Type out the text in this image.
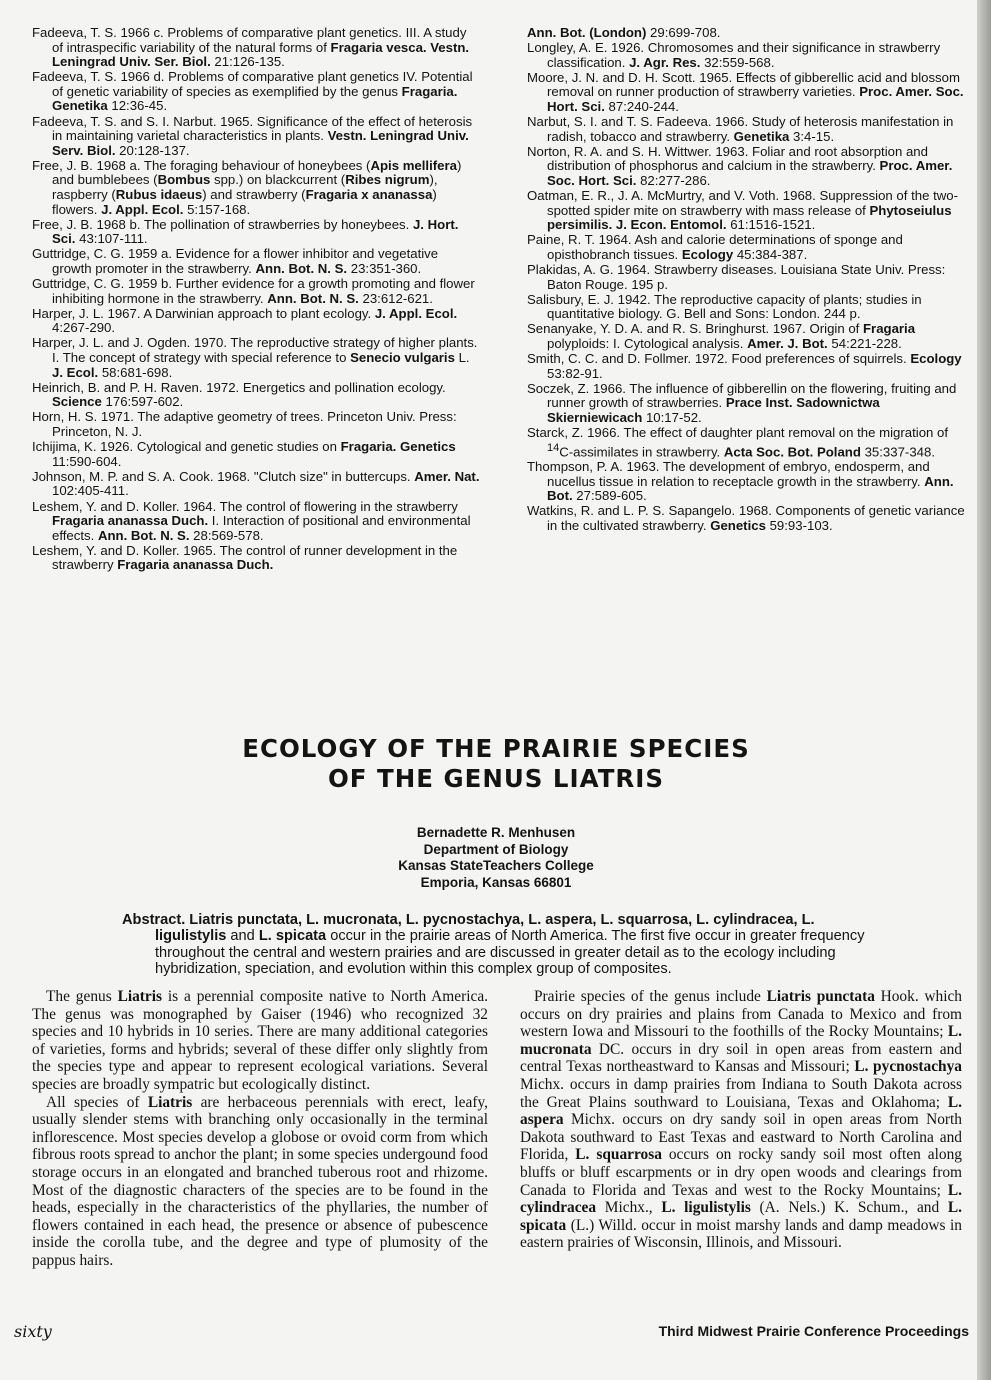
Fadeeva, T. S. 1966 c. Problems of comparative plant genetics. III. A study of intraspecific variability of the natural forms of Fragaria vesca. Vestn. Leningrad Univ. Ser. Biol. 21:126-135.
Fadeeva, T. S. 1966 d. Problems of comparative plant genetics IV. Potential of genetic variability of species as exemplified by the genus Fragaria. Genetika 12:36-45.
Fadeeva, T. S. and S. I. Narbut. 1965. Significance of the effect of heterosis in maintaining varietal characteristics in plants. Vestn. Leningrad Univ. Serv. Biol. 20:128-137.
Free, J. B. 1968 a. The foraging behaviour of honeybees (Apis mellifera) and bumblebees (Bombus spp.) on blackcurrent (Ribes nigrum), raspberry (Rubus idaeus) and strawberry (Fragaria x ananassa) flowers. J. Appl. Ecol. 5:157-168.
Free, J. B. 1968 b. The pollination of strawberries by honeybees. J. Hort. Sci. 43:107-111.
Guttridge, C. G. 1959 a. Evidence for a flower inhibitor and vegetative growth promoter in the strawberry. Ann. Bot. N. S. 23:351-360.
Guttridge, C. G. 1959 b. Further evidence for a growth promoting and flower inhibiting hormone in the strawberry. Ann. Bot. N. S. 23:612-621.
Harper, J. L. 1967. A Darwinian approach to plant ecology. J. Appl. Ecol. 4:267-290.
Harper, J. L. and J. Ogden. 1970. The reproductive strategy of higher plants. I. The concept of strategy with special reference to Senecio vulgaris L. J. Ecol. 58:681-698.
Heinrich, B. and P. H. Raven. 1972. Energetics and pollination ecology. Science 176:597-602.
Horn, H. S. 1971. The adaptive geometry of trees. Princeton Univ. Press: Princeton, N. J.
Ichijima, K. 1926. Cytological and genetic studies on Fragaria. Genetics 11:590-604.
Johnson, M. P. and S. A. Cook. 1968. "Clutch size" in buttercups. Amer. Nat. 102:405-411.
Leshem, Y. and D. Koller. 1964. The control of flowering in the strawberry Fragaria ananassa Duch. I. Interaction of positional and environmental effects. Ann. Bot. N. S. 28:569-578.
Leshem, Y. and D. Koller. 1965. The control of runner development in the strawberry Fragaria ananassa Duch.
Ann. Bot. (London) 29:699-708.
Longley, A. E. 1926. Chromosomes and their significance in strawberry classification. J. Agr. Res. 32:559-568.
Moore, J. N. and D. H. Scott. 1965. Effects of gibberellic acid and blossom removal on runner production of strawberry varieties. Proc. Amer. Soc. Hort. Sci. 87:240-244.
Narbut, S. I. and T. S. Fadeeva. 1966. Study of heterosis manifestation in radish, tobacco and strawberry. Genetika 3:4-15.
Norton, R. A. and S. H. Wittwer. 1963. Foliar and root absorption and distribution of phosphorus and calcium in the strawberry. Proc. Amer. Soc. Hort. Sci. 82:277-286.
Oatman, E. R., J. A. McMurtry, and V. Voth. 1968. Suppression of the two-spotted spider mite on strawberry with mass release of Phytoseiulus persimilis. J. Econ. Entomol. 61:1516-1521.
Paine, R. T. 1964. Ash and calorie determinations of sponge and opisthobranch tissues. Ecology 45:384-387.
Plakidas, A. G. 1964. Strawberry diseases. Louisiana State Univ. Press: Baton Rouge. 195 p.
Salisbury, E. J. 1942. The reproductive capacity of plants; studies in quantitative biology. G. Bell and Sons: London. 244 p.
Senanyake, Y. D. A. and R. S. Bringhurst. 1967. Origin of Fragaria polyploids: I. Cytological analysis. Amer. J. Bot. 54:221-228.
Smith, C. C. and D. Follmer. 1972. Food preferences of squirrels. Ecology 53:82-91.
Soczek, Z. 1966. The influence of gibberellin on the flowering, fruiting and runner growth of strawberries. Prace Inst. Sadownictwa Skierniewicach 10:17-52.
Starck, Z. 1966. The effect of daughter plant removal on the migration of $^{14}$C-assimilates in strawberry. Acta Soc. Bot. Poland 35:337-348.
Thompson, P. A. 1963. The development of embryo, endosperm, and nucellus tissue in relation to receptacle growth in the strawberry. Ann. Bot. 27:589-605.
Watkins, R. and L. P. S. Sapangelo. 1968. Components of genetic variance in the cultivated strawberry. Genetics 59:93-103.
ECOLOGY OF THE PRAIRIE SPECIES
OF THE GENUS LIATRIS
Bernadette R. Menhusen
Department of Biology
Kansas StateTeachers College
Emporia, Kansas 66801
Abstract. Liatris punctata, L. mucronata, L. pycnostachya, L. aspera, L. squarrosa, L. cylindracea, L. ligulistylis and L. spicata occur in the prairie areas of North America. The first five occur in greater frequency throughout the central and western prairies and are discussed in greater detail as to the ecology including hybridization, speciation, and evolution within this complex group of composites.

The genus Liatris is a perennial composite native to North America. The genus was monographed by Gaiser (1946) who recognized 32 species and 10 hybrids in 10 series. There are many additional categories of varieties, forms and hybrids; several of these differ only slightly from the species type and appear to represent ecological variations. Several species are broadly sympatric but ecologically distinct.

All species of Liatris are herbaceous perennials with erect, leafy, usually slender stems with branching only occasionally in the terminal inflorescence. Most species develop a globose or ovoid corm from which fibrous roots spread to anchor the plant; in some species undergound food storage occurs in an elongated and branched tuberous root and rhizome. Most of the diagnostic characters of the species are to be found in the heads, especially in the characteristics of the phyllaries, the number of flowers contained in each head, the presence or absence of pubescence inside the corolla tube, and the degree and type of plumosity of the pappus hairs.

Prairie species of the genus include Liatris punctata Hook. which occurs on dry prairies and plains from Canada to Mexico and from western Iowa and Missouri to the foothills of the Rocky Mountains; L. mucronata DC. occurs in dry soil in open areas from eastern and central Texas northeastward to Kansas and Missouri; L. pycnostachya Michx. occurs in damp prairies from Indiana to South Dakota across the Great Plains southward to Louisiana, Texas and Oklahoma; L. aspera Michx. occurs on dry sandy soil in open areas from North Dakota southward to East Texas and eastward to North Carolina and Florida, L. squarrosa occurs on rocky sandy soil most often along bluffs or bluff escarpments or in dry open woods and clearings from Canada to Florida and Texas and west to the Rocky Mountains; L. cylindracea Michx., L. ligulistylis (A. Nels.) K. Schum., and L. spicata (L.) Willd. occur in moist marshy lands and damp meadows in eastern prairies of Wisconsin, Illinois, and Missouri.

sixty	Third Midwest Prairie Conference Proceedings
